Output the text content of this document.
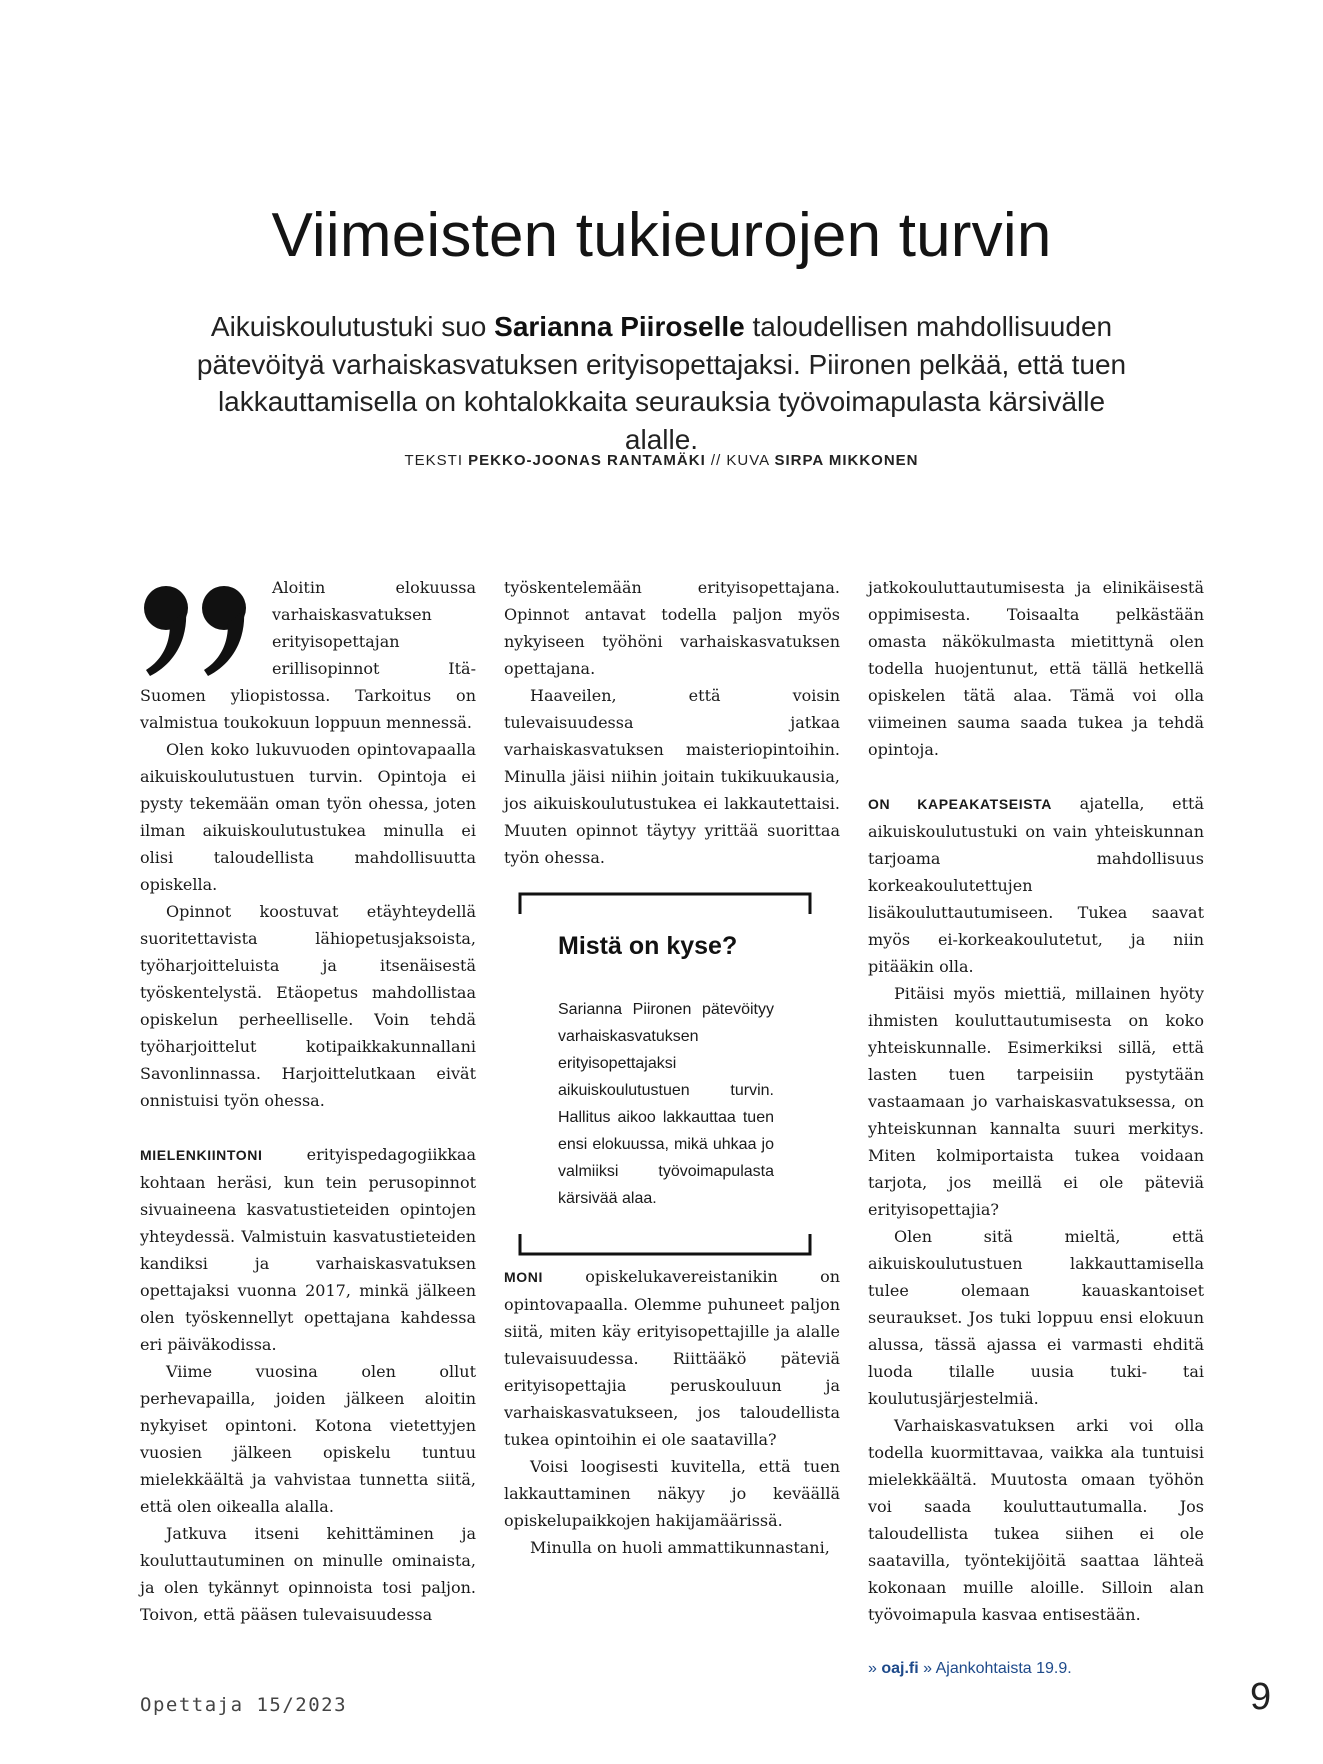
Viimeisten tukieurojen turvin

Aikuiskoulutustuki suo Sarianna Piiroselle taloudellisen mahdollisuuden pätevöityä varhaiskasvatuksen erityisopettajaksi. Piironen pelkää, että tuen lakkauttamisella on kohtalokkaita seurauksia työvoimapulasta kärsivälle alalle.

TEKSTI PEKKO-JOONAS RANTAMÄKI // KUVA SIRPA MIKKONEN

Aloitin elokuussa varhaiskasvatuksen erityisopettajan erillisopinnot Itä-Suomen yliopistossa. Tarkoitus on valmistua toukokuun loppuun mennessä.

Olen koko lukuvuoden opintovapaalla aikuiskoulutustuen turvin. Opintoja ei pysty tekemään oman työn ohessa, joten ilman aikuiskoulutustukea minulla ei olisi taloudellista mahdollisuutta opiskella.

Opinnot koostuvat etäyhteydellä suoritettavista lähiopetusjaksoista, työharjoitteluista ja itsenäisestä työskentelystä. Etäopetus mahdollistaa opiskelun perheelliselle. Voin tehdä työharjoittelut kotipaikkakunnallani Savonlinnassa. Harjoittelutkaan eivät onnistuisi työn ohessa.

MIELENKIINTONI erityispedagogiikkaa kohtaan heräsi, kun tein perusopinnot sivuaineena kasvatustieteiden opintojen yhteydessä. Valmistuin kasvatustieteiden kandiksi ja varhaiskasvatuksen opettajaksi vuonna 2017, minkä jälkeen olen työskennellyt opettajana kahdessa eri päiväkodissa.

Viime vuosina olen ollut perhevapailla, joiden jälkeen aloitin nykyiset opintoni. Kotona vietettyjen vuosien jälkeen opiskelu tuntuu mielekkäältä ja vahvistaa tunnetta siitä, että olen oikealla alalla.

Jatkuva itseni kehittäminen ja kouluttautuminen on minulle ominaista, ja olen tykännyt opinnoista tosi paljon. Toivon, että pääsen tulevaisuudessa

työskentelemään erityisopettajana. Opinnot antavat todella paljon myös nykyiseen työhöni varhaiskasvatuksen opettajana.

Haaveilen, että voisin tulevaisuudessa jatkaa varhaiskasvatuksen maisteriopintoihin. Minulla jäisi niihin joitain tukikuukausia, jos aikuiskoulutustukea ei lakkautettaisi. Muuten opinnot täytyy yrittää suorittaa työn ohessa.

MONI opiskelukavereistanikin on opintovapaalla. Olemme puhuneet paljon siitä, miten käy erityisopettajille ja alalle tulevaisuudessa. Riittääkö päteviä erityisopettajia peruskouluun ja varhaiskasvatukseen, jos taloudellista tukea opintoihin ei ole saatavilla?

Voisi loogisesti kuvitella, että tuen lakkauttaminen näkyy jo keväällä opiskelupaikkojen hakijamäärissä.

Minulla on huoli ammattikunnastani,

Mistä on kyse?

Sarianna Piironen pätevöityy varhaiskasvatuksen erityisopettajaksi aikuiskoulutustuen turvin. Hallitus aikoo lakkauttaa tuen ensi elokuussa, mikä uhkaa jo valmiiksi työvoimapulasta kärsivää alaa.

jatkokouluttautumisesta ja elinikäisestä oppimisesta. Toisaalta pelkästään omasta näkökulmasta mietittynä olen todella huojentunut, että tällä hetkellä opiskelen tätä alaa. Tämä voi olla viimeinen sauma saada tukea ja tehdä opintoja.

ON KAPEAKATSEISTA ajatella, että aikuiskoulutustuki on vain yhteiskunnan tarjoama mahdollisuus korkeakoulutettujen lisäkouluttautumiseen. Tukea saavat myös ei-korkeakoulutetut, ja niin pitääkin olla.

Pitäisi myös miettiä, millainen hyöty ihmisten kouluttautumisesta on koko yhteiskunnalle. Esimerkiksi sillä, että lasten tuen tarpeisiin pystytään vastaamaan jo varhaiskasvatuksessa, on yhteiskunnan kannalta suuri merkitys. Miten kolmiportaista tukea voidaan tarjota, jos meillä ei ole päteviä erityisopettajia?

Olen sitä mieltä, että aikuiskoulutustuen lakkauttamisella tulee olemaan kauaskantoiset seuraukset. Jos tuki loppuu ensi elokuun alussa, tässä ajassa ei varmasti ehditä luoda tilalle uusia tuki- tai koulutusjärjestelmiä.

Varhaiskasvatuksen arki voi olla todella kuormittavaa, vaikka ala tuntuisi mielekkäältä. Muutosta omaan työhön voi saada kouluttautumalla. Jos taloudellista tukea siihen ei ole saatavilla, työntekijöitä saattaa lähteä kokonaan muille aloille. Silloin alan työvoimapula kasvaa entisestään.

» oaj.fi » Ajankohtaista 19.9.

Opettaja 15/2023	9
